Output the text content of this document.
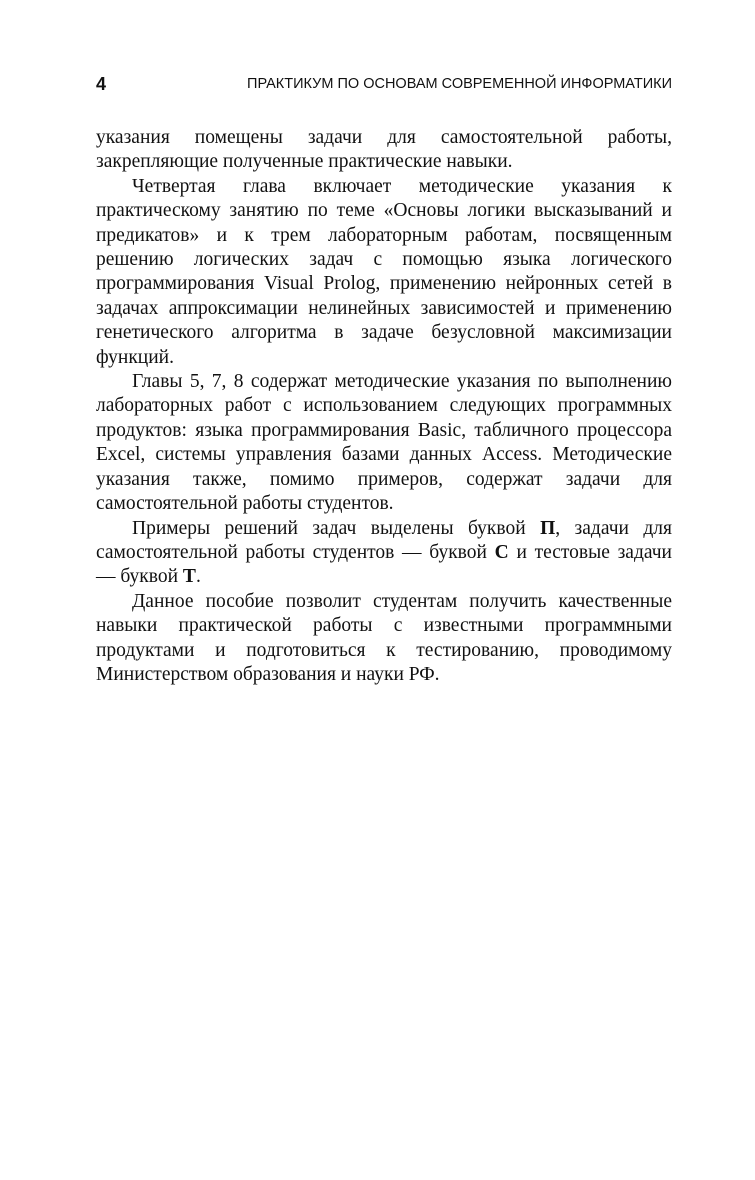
4	ПРАКТИКУМ ПО ОСНОВАМ СОВРЕМЕННОЙ ИНФОРМАТИКИ

указания помещены задачи для самостоятельной работы, закрепляющие полученные практические навыки.

Четвертая глава включает методические указания к практическому занятию по теме «Основы логики высказываний и предикатов» и к трем лабораторным работам, посвященным решению логических задач с помощью языка логического программирования Visual Prolog, применению нейронных сетей в задачах аппроксимации нелинейных зависимостей и применению генетического алгоритма в задаче безусловной максимизации функций.

Главы 5, 7, 8 содержат методические указания по выполнению лабораторных работ с использованием следующих программных продуктов: языка программирования Basic, табличного процессора Excel, системы управления базами данных Access. Методические указания также, помимо примеров, содержат задачи для самостоятельной работы студентов.

Примеры решений задач выделены буквой П, задачи для самостоятельной работы студентов — буквой С и тестовые задачи — буквой Т.

Данное пособие позволит студентам получить качественные навыки практической работы с известными программными продуктами и подготовиться к тестированию, проводимому Министерством образования и науки РФ.
